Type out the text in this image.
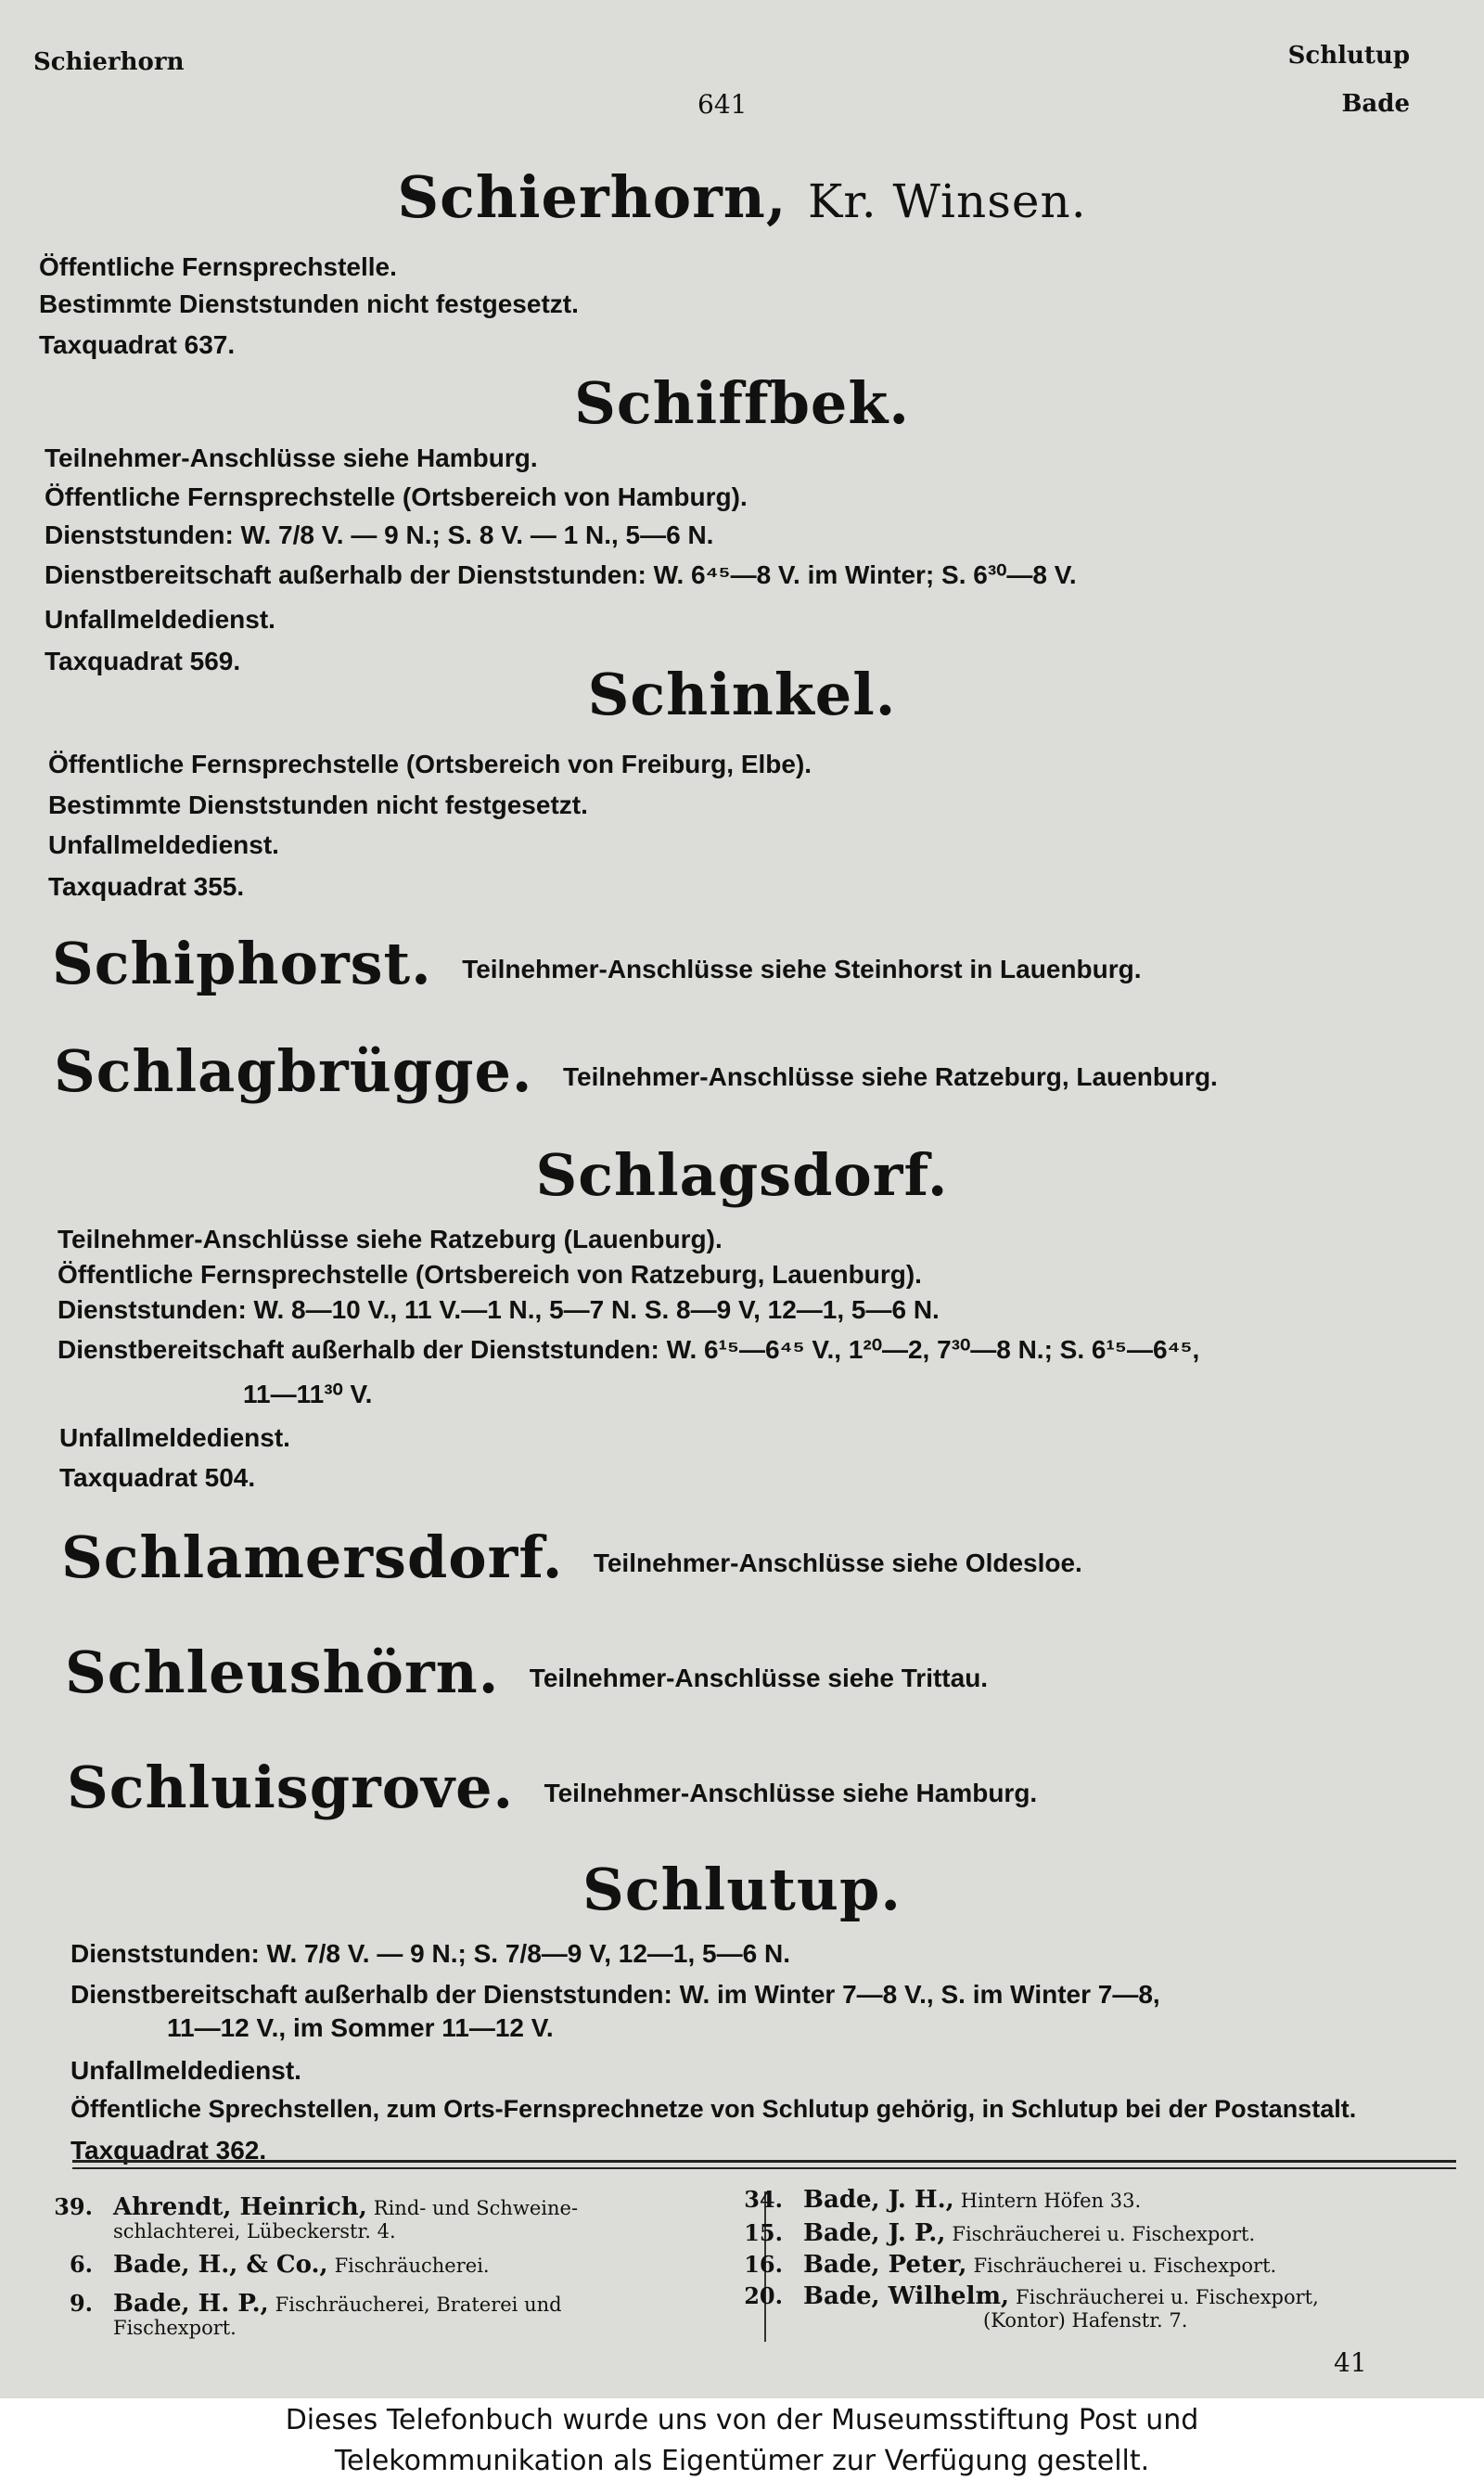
Schierhorn	Schlutup
Bade
641
Schierhorn, Kr. Winsen.
Öffentliche Fernsprechstelle.
Bestimmte Dienststunden nicht festgesetzt.
Taxquadrat 637.
Schiffbek.
Teilnehmer-Anschlüsse siehe Hamburg.
Öffentliche Fernsprechstelle (Ortsbereich von Hamburg).
Dienststunden: W. 7/8 V. — 9 N.; S. 8 V. — 1 N., 5—6 N.
Dienstbereitschaft außerhalb der Dienststunden: W. 6⁴⁵—8 V. im Winter; S. 6³⁰—8 V.
Unfallmeldedienst.
Taxquadrat 569.	Schinkel.
Öffentliche Fernsprechstelle (Ortsbereich von Freiburg, Elbe).
Bestimmte Dienststunden nicht festgesetzt.
Unfallmeldedienst.
Taxquadrat 355.
Schiphorst. Teilnehmer-Anschlüsse siehe Steinhorst in Lauenburg.
Schlagbrügge. Teilnehmer-Anschlüsse siehe Ratzeburg, Lauenburg.
Schlagsdorf.
Teilnehmer-Anschlüsse siehe Ratzeburg (Lauenburg).
Öffentliche Fernsprechstelle (Ortsbereich von Ratzeburg, Lauenburg).
Dienststunden: W. 8—10 V., 11 V.—1 N., 5—7 N. S. 8—9 V, 12—1, 5—6 N.
Dienstbereitschaft außerhalb der Dienststunden: W. 6¹⁵—6⁴⁵ V., 1²⁰—2, 7³⁰—8 N.; S. 6¹⁵—6⁴⁵,
11—11³⁰ V.
Unfallmeldedienst.
Taxquadrat 504.
Schlamersdorf. Teilnehmer-Anschlüsse siehe Oldesloe.
Schleushörn. Teilnehmer-Anschlüsse siehe Trittau.
Schluisgrove. Teilnehmer-Anschlüsse siehe Hamburg.
Schlutup.
Dienststunden: W. 7/8 V. — 9 N.; S. 7/8—9 V, 12—1, 5—6 N.
Dienstbereitschaft außerhalb der Dienststunden: W. im Winter 7—8 V., S. im Winter 7—8,
11—12 V., im Sommer 11—12 V.
Unfallmeldedienst.
Öffentliche Sprechstellen, zum Orts-Fernsprechnetze von Schlutup gehörig, in Schlutup bei der Postanstalt.
Taxquadrat 362.
39. Ahrendt, Heinrich, Rind- und Schweine-
schlachterei, Lübeckerstr. 4.
6. Bade, H., & Co., Fischräucherei.
9. Bade, H. P., Fischräucherei, Braterei und
Fischexport.
34. Bade, J. H., Hintern Höfen 33.
15. Bade, J. P., Fischräucherei u. Fischexport.
16. Bade, Peter, Fischräucherei u. Fischexport.
20. Bade, Wilhelm, Fischräucherei u. Fischexport,
(Kontor) Hafenstr. 7.
41
Dieses Telefonbuch wurde uns von der Museumsstiftung Post und
Telekommunikation als Eigentümer zur Verfügung gestellt.
